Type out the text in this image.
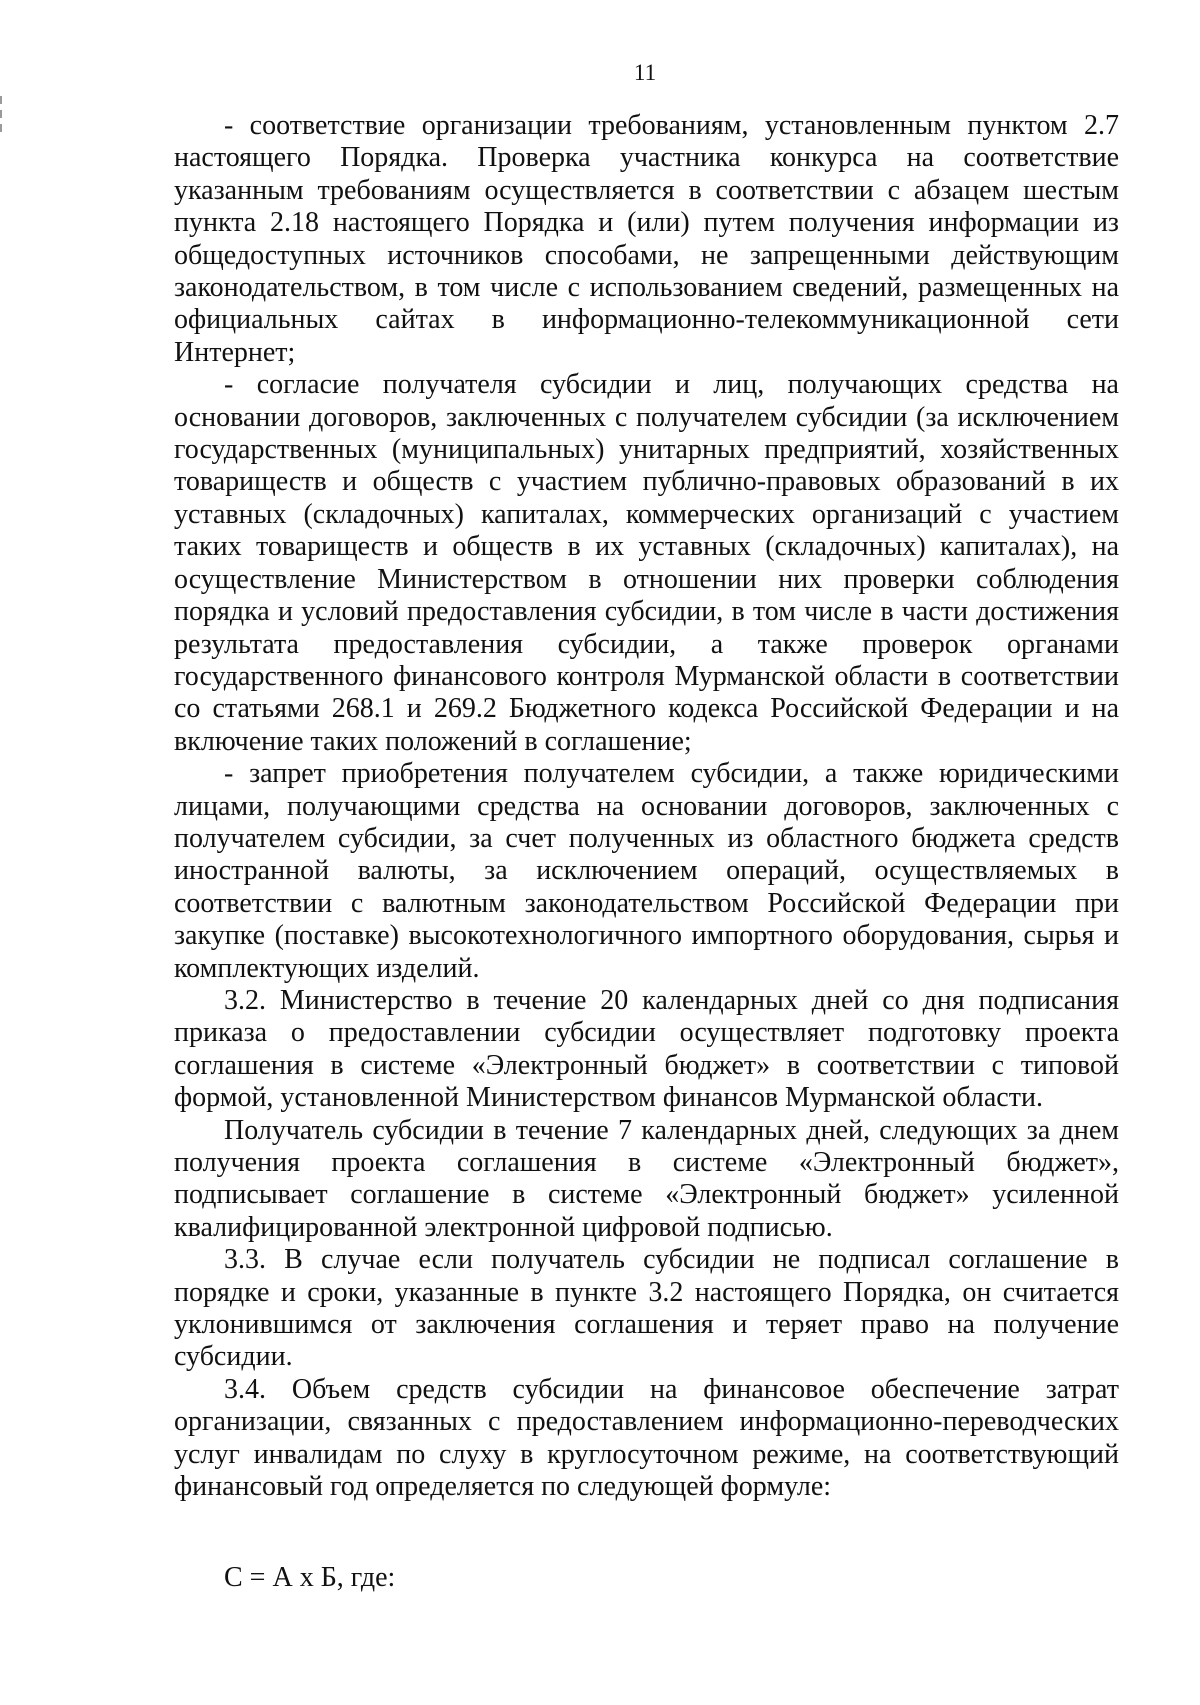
11

- соответствие организации требованиям, установленным пунктом 2.7 настоящего Порядка. Проверка участника конкурса на соответствие указанным требованиям осуществляется в соответствии с абзацем шестым пункта 2.18 настоящего Порядка и (или) путем получения информации из общедоступных источников способами, не запрещенными действующим законодательством, в том числе с использованием сведений, размещенных на официальных сайтах в информационно-телекоммуникационной сети Интернет;

- согласие получателя субсидии и лиц, получающих средства на основании договоров, заключенных с получателем субсидии (за исключением государственных (муниципальных) унитарных предприятий, хозяйственных товариществ и обществ с участием публично-правовых образований в их уставных (складочных) капиталах, коммерческих организаций с участием таких товариществ и обществ в их уставных (складочных) капиталах), на осуществление Министерством в отношении них проверки соблюдения порядка и условий предоставления субсидии, в том числе в части достижения результата предоставления субсидии, а также проверок органами государственного финансового контроля Мурманской области в соответствии со статьями 268.1 и 269.2 Бюджетного кодекса Российской Федерации и на включение таких положений в соглашение;

- запрет приобретения получателем субсидии, а также юридическими лицами, получающими средства на основании договоров, заключенных с получателем субсидии, за счет полученных из областного бюджета средств иностранной валюты, за исключением операций, осуществляемых в соответствии с валютным законодательством Российской Федерации при закупке (поставке) высокотехнологичного импортного оборудования, сырья и комплектующих изделий.

3.2. Министерство в течение 20 календарных дней со дня подписания приказа о предоставлении субсидии осуществляет подготовку проекта соглашения в системе «Электронный бюджет» в соответствии с типовой формой, установленной Министерством финансов Мурманской области.

Получатель субсидии в течение 7 календарных дней, следующих за днем получения проекта соглашения в системе «Электронный бюджет», подписывает соглашение в системе «Электронный бюджет» усиленной квалифицированной электронной цифровой подписью.

3.3. В случае если получатель субсидии не подписал соглашение в порядке и сроки, указанные в пункте 3.2 настоящего Порядка, он считается уклонившимся от заключения соглашения и теряет право на получение субсидии.

3.4. Объем средств субсидии на финансовое обеспечение затрат организации, связанных с предоставлением информационно-переводческих услуг инвалидам по слуху в круглосуточном режиме, на соответствующий финансовый год определяется по следующей формуле:

С = А х Б, где:
